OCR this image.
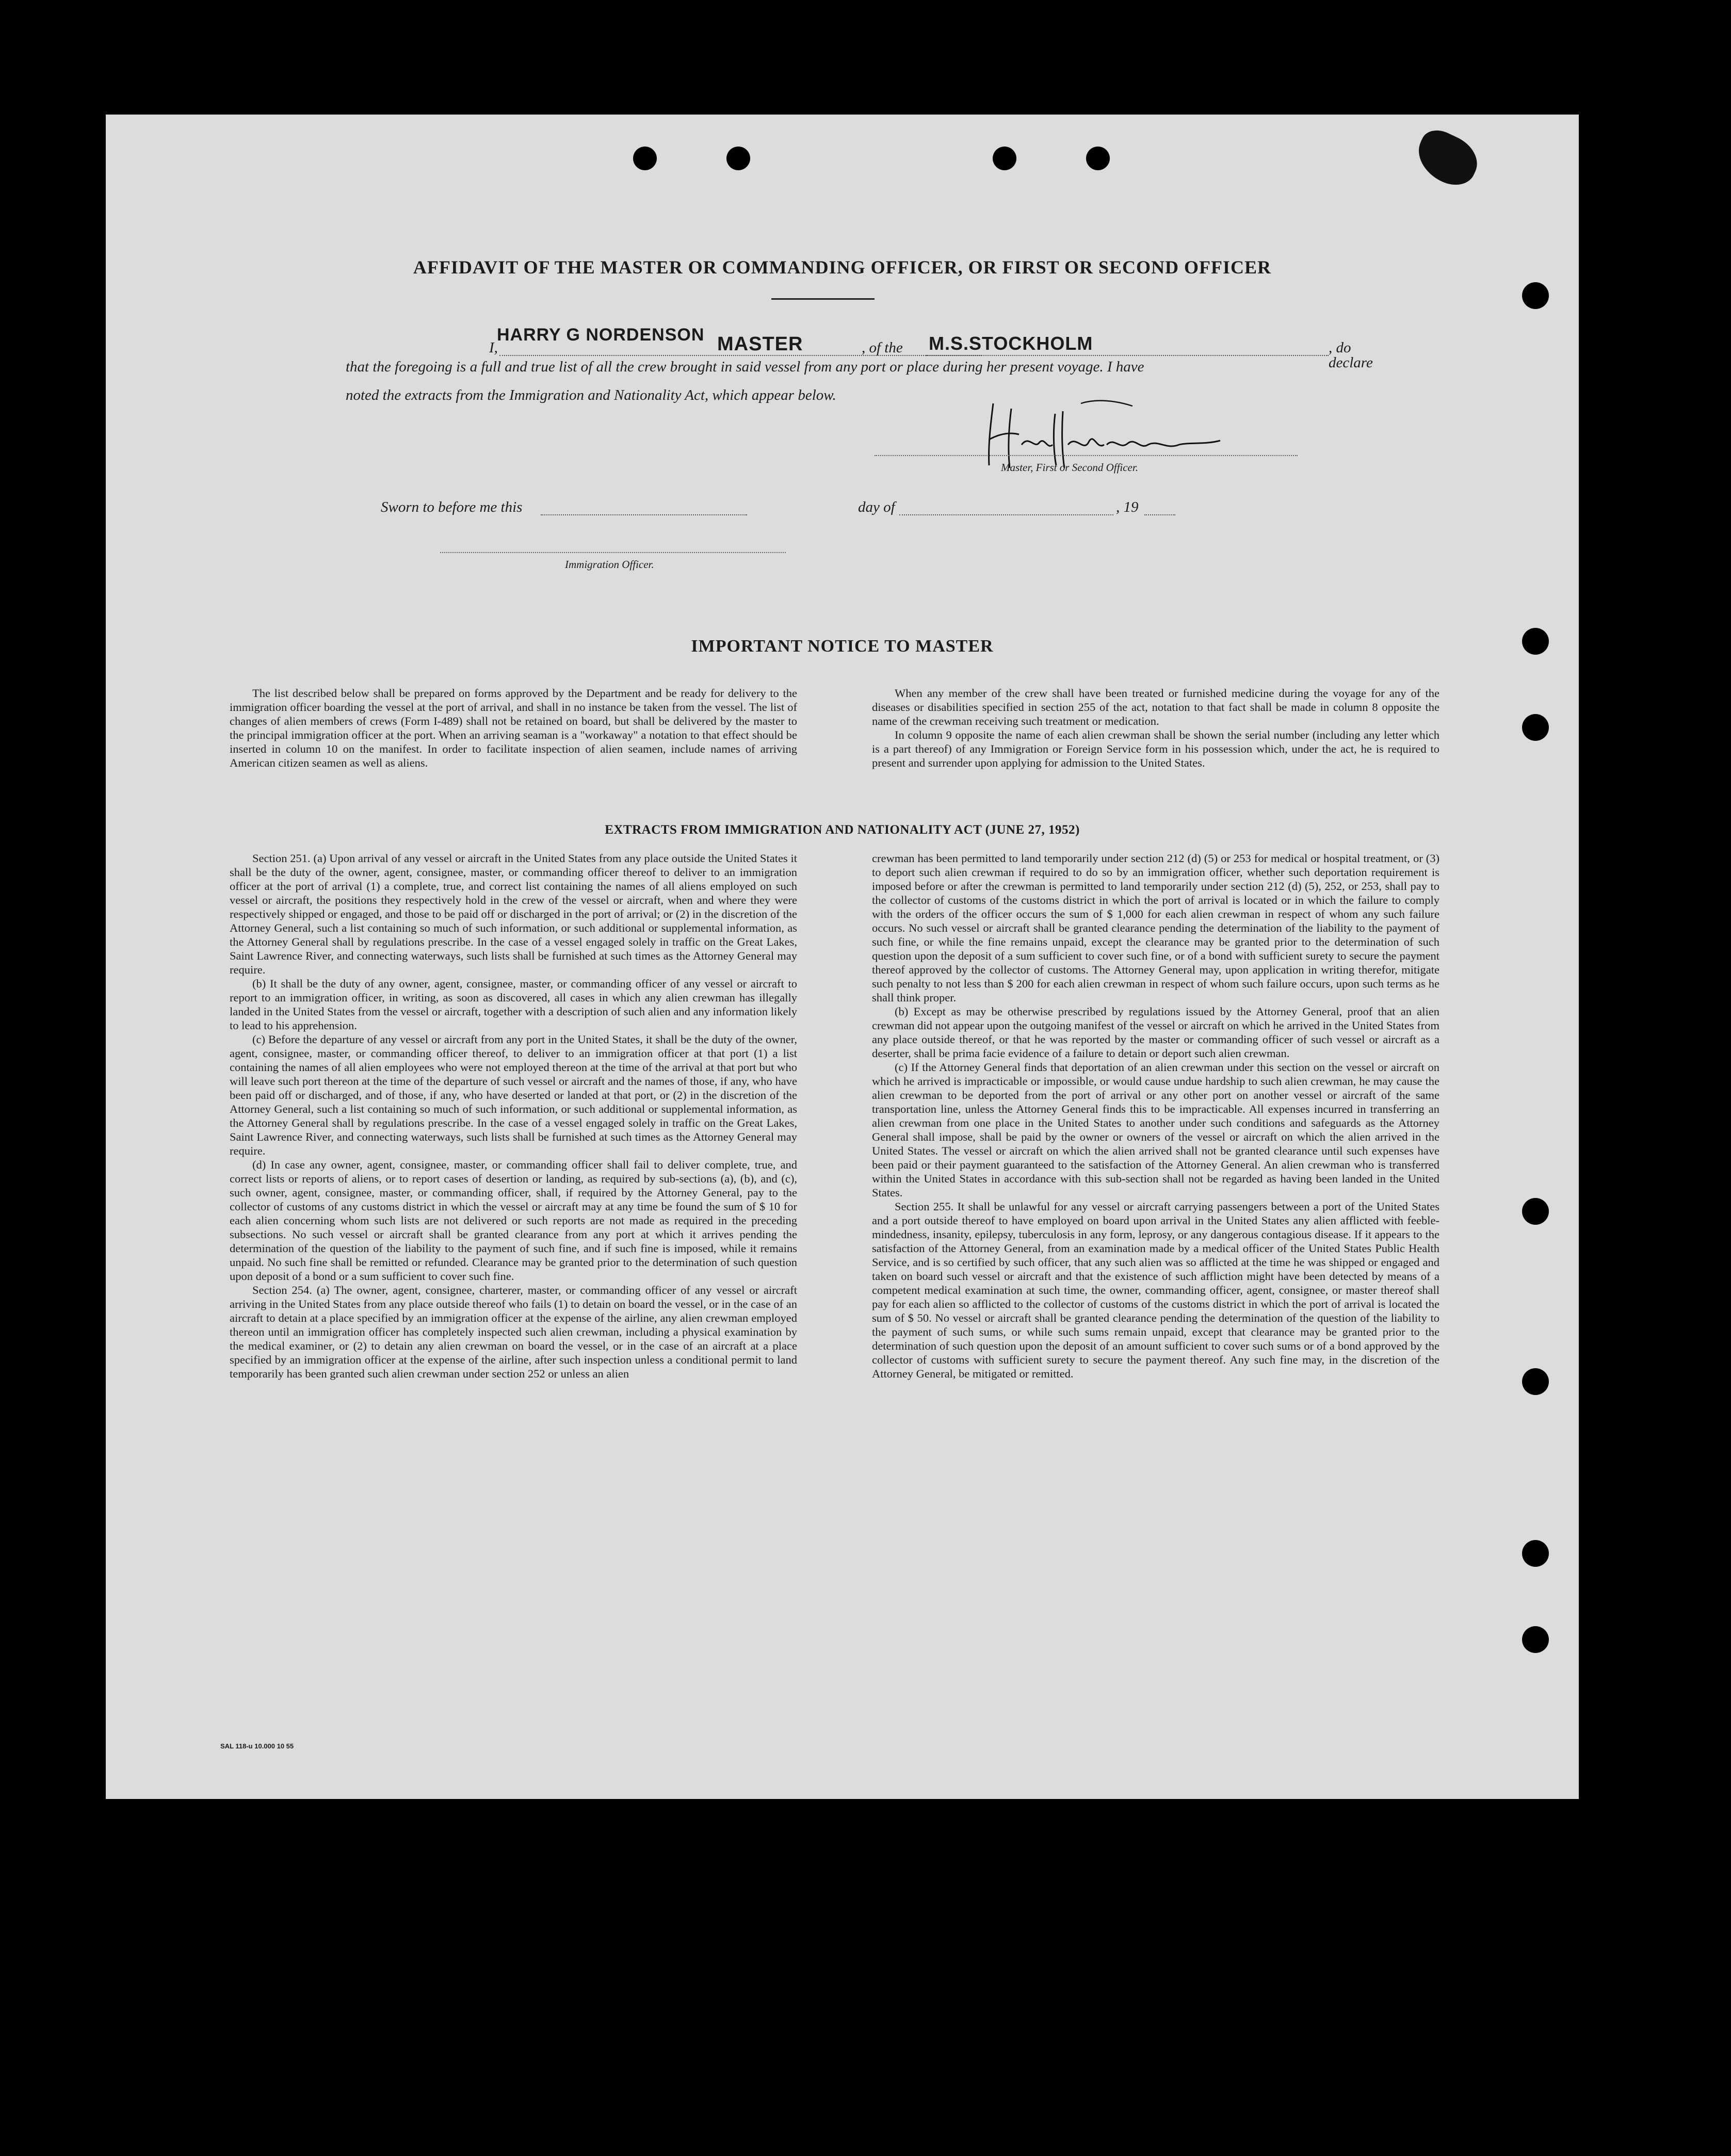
AFFIDAVIT OF THE MASTER OR COMMANDING OFFICER, OR FIRST OR SECOND OFFICER
I,
HARRY G NORDENSON MASTER	, of the M.S.STOCKHOLM	, do declare
that the foregoing is a full and true list of all the crew brought in said vessel from any port or place during her present voyage. I have
noted the extracts from the Immigration and Nationality Act, which appear below.
Master, First or Second Officer.
Sworn to before me this	day of	, 19
Immigration Officer.
IMPORTANT NOTICE TO MASTER

The list described below shall be prepared on forms approved by the Department and be ready for delivery to the immigration officer boarding the vessel at the port of arrival, and shall in no instance be taken from the vessel. The list of changes of alien members of crews (Form I-489) shall not be retained on board, but shall be delivered by the master to the principal immigration officer at the port. When an arriving seaman is a "workaway" a notation to that effect should be inserted in column 10 on the manifest. In order to facilitate inspection of alien seamen, include names of arriving American citizen seamen as well as aliens.

When any member of the crew shall have been treated or furnished medicine during the voyage for any of the diseases or disabilities specified in section 255 of the act, notation to that fact shall be made in column 8 opposite the name of the crewman receiving such treatment or medication.

In column 9 opposite the name of each alien crewman shall be shown the serial number (including any letter which is a part thereof) of any Immigration or Foreign Service form in his possession which, under the act, he is required to present and surrender upon applying for admission to the United States.

EXTRACTS FROM IMMIGRATION AND NATIONALITY ACT (JUNE 27, 1952)

Section 251. (a) Upon arrival of any vessel or aircraft in the United States from any place outside the United States it shall be the duty of the owner, agent, consignee, master, or commanding officer thereof to deliver to an immigration officer at the port of arrival (1) a complete, true, and correct list containing the names of all aliens employed on such vessel or aircraft, the positions they respectively hold in the crew of the vessel or aircraft, when and where they were respectively shipped or engaged, and those to be paid off or discharged in the port of arrival; or (2) in the discretion of the Attorney General, such a list containing so much of such information, or such additional or supplemental information, as the Attorney General shall by regulations prescribe. In the case of a vessel engaged solely in traffic on the Great Lakes, Saint Lawrence River, and connecting waterways, such lists shall be furnished at such times as the Attorney General may require.

(b) It shall be the duty of any owner, agent, consignee, master, or commanding officer of any vessel or aircraft to report to an immigration officer, in writing, as soon as discovered, all cases in which any alien crewman has illegally landed in the United States from the vessel or aircraft, together with a description of such alien and any information likely to lead to his apprehension.

(c) Before the departure of any vessel or aircraft from any port in the United States, it shall be the duty of the owner, agent, consignee, master, or commanding officer thereof, to deliver to an immigration officer at that port (1) a list containing the names of all alien employees who were not employed thereon at the time of the arrival at that port but who will leave such port thereon at the time of the departure of such vessel or aircraft and the names of those, if any, who have been paid off or discharged, and of those, if any, who have deserted or landed at that port, or (2) in the discretion of the Attorney General, such a list containing so much of such information, or such additional or supplemental information, as the Attorney General shall by regulations prescribe. In the case of a vessel engaged solely in traffic on the Great Lakes, Saint Lawrence River, and connecting waterways, such lists shall be furnished at such times as the Attorney General may require.

(d) In case any owner, agent, consignee, master, or commanding officer shall fail to deliver complete, true, and correct lists or reports of aliens, or to report cases of desertion or landing, as required by sub-sections (a), (b), and (c), such owner, agent, consignee, master, or commanding officer, shall, if required by the Attorney General, pay to the collector of customs of any customs district in which the vessel or aircraft may at any time be found the sum of $ 10 for each alien concerning whom such lists are not delivered or such reports are not made as required in the preceding subsections. No such vessel or aircraft shall be granted clearance from any port at which it arrives pending the determination of the question of the liability to the payment of such fine, and if such fine is imposed, while it remains unpaid. No such fine shall be remitted or refunded. Clearance may be granted prior to the determination of such question upon deposit of a bond or a sum sufficient to cover such fine.

Section 254. (a) The owner, agent, consignee, charterer, master, or commanding officer of any vessel or aircraft arriving in the United States from any place outside thereof who fails (1) to detain on board the vessel, or in the case of an aircraft to detain at a place specified by an immigration officer at the expense of the airline, any alien crewman employed thereon until an immigration officer has completely inspected such alien crewman, including a physical examination by the medical examiner, or (2) to detain any alien crewman on board the vessel, or in the case of an aircraft at a place specified by an immigration officer at the expense of the airline, after such inspection unless a conditional permit to land temporarily has been granted such alien crewman under section 252 or unless an alien

crewman has been permitted to land temporarily under section 212 (d) (5) or 253 for medical or hospital treatment, or (3) to deport such alien crewman if required to do so by an immigration officer, whether such deportation requirement is imposed before or after the crewman is permitted to land temporarily under section 212 (d) (5), 252, or 253, shall pay to the collector of customs of the customs district in which the port of arrival is located or in which the failure to comply with the orders of the officer occurs the sum of $ 1,000 for each alien crewman in respect of whom any such failure occurs. No such vessel or aircraft shall be granted clearance pending the determination of the liability to the payment of such fine, or while the fine remains unpaid, except the clearance may be granted prior to the determination of such question upon the deposit of a sum sufficient to cover such fine, or of a bond with sufficient surety to secure the payment thereof approved by the collector of customs. The Attorney General may, upon application in writing therefor, mitigate such penalty to not less than $ 200 for each alien crewman in respect of whom such failure occurs, upon such terms as he shall think proper.

(b) Except as may be otherwise prescribed by regulations issued by the Attorney General, proof that an alien crewman did not appear upon the outgoing manifest of the vessel or aircraft on which he arrived in the United States from any place outside thereof, or that he was reported by the master or commanding officer of such vessel or aircraft as a deserter, shall be prima facie evidence of a failure to detain or deport such alien crewman.

(c) If the Attorney General finds that deportation of an alien crewman under this section on the vessel or aircraft on which he arrived is impracticable or impossible, or would cause undue hardship to such alien crewman, he may cause the alien crewman to be deported from the port of arrival or any other port on another vessel or aircraft of the same transportation line, unless the Attorney General finds this to be impracticable. All expenses incurred in transferring an alien crewman from one place in the United States to another under such conditions and safeguards as the Attorney General shall impose, shall be paid by the owner or owners of the vessel or aircraft on which the alien arrived in the United States. The vessel or aircraft on which the alien arrived shall not be granted clearance until such expenses have been paid or their payment guaranteed to the satisfaction of the Attorney General. An alien crewman who is transferred within the United States in accordance with this sub-section shall not be regarded as having been landed in the United States.

Section 255. It shall be unlawful for any vessel or aircraft carrying passengers between a port of the United States and a port outside thereof to have employed on board upon arrival in the United States any alien afflicted with feeble-mindedness, insanity, epilepsy, tuberculosis in any form, leprosy, or any dangerous contagious disease. If it appears to the satisfaction of the Attorney General, from an examination made by a medical officer of the United States Public Health Service, and is so certified by such officer, that any such alien was so afflicted at the time he was shipped or engaged and taken on board such vessel or aircraft and that the existence of such affliction might have been detected by means of a competent medical examination at such time, the owner, commanding officer, agent, consignee, or master thereof shall pay for each alien so afflicted to the collector of customs of the customs district in which the port of arrival is located the sum of $ 50. No vessel or aircraft shall be granted clearance pending the determination of the question of the liability to the payment of such sums, or while such sums remain unpaid, except that clearance may be granted prior to the determination of such question upon the deposit of an amount sufficient to cover such sums or of a bond approved by the collector of customs with sufficient surety to secure the payment thereof. Any such fine may, in the discretion of the Attorney General, be mitigated or remitted.

SAL 118-u 10.000 10 55
